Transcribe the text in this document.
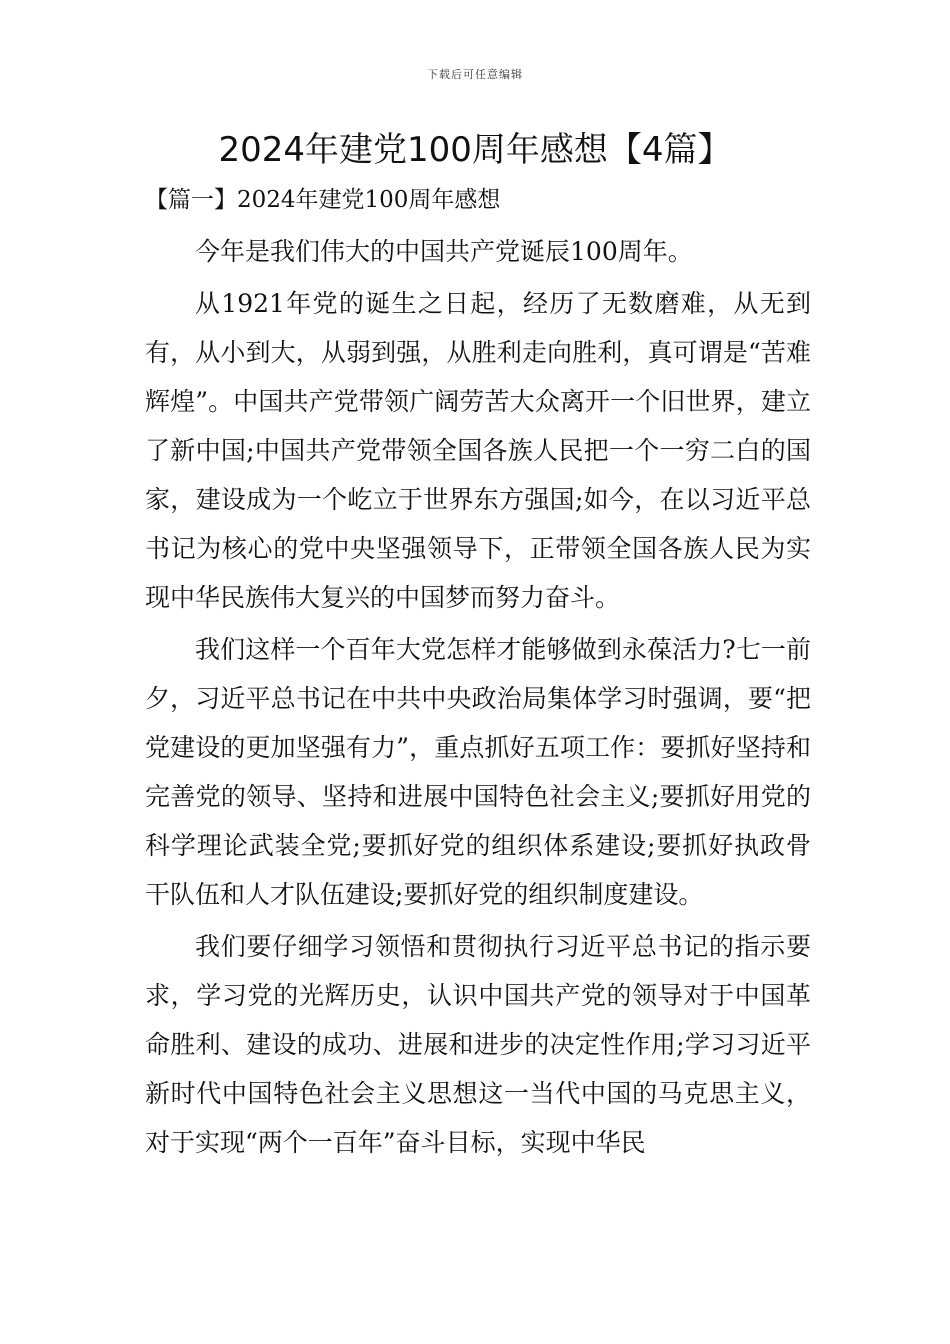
下载后可任意编辑
2024年建党100周年感想【4篇】
【篇一】2024年建党100周年感想

今年是我们伟大的中国共产党诞辰100周年。

从1921年党的诞生之日起，经历了无数磨难，从无到有，从小到大，从弱到强，从胜利走向胜利，真可谓是“苦难辉煌”。中国共产党带领广阔劳苦大众离开一个旧世界，建立了新中国;中国共产党带领全国各族人民把一个一穷二白的国家，建设成为一个屹立于世界东方强国;如今，在以习近平总书记为核心的党中央坚强领导下，正带领全国各族人民为实现中华民族伟大复兴的中国梦而努力奋斗。

我们这样一个百年大党怎样才能够做到永葆活力?七一前夕，习近平总书记在中共中央政治局集体学习时强调，要“把党建设的更加坚强有力”，重点抓好五项工作：要抓好坚持和完善党的领导、坚持和进展中国特色社会主义;要抓好用党的科学理论武装全党;要抓好党的组织体系建设;要抓好执政骨干队伍和人才队伍建设;要抓好党的组织制度建设。

我们要仔细学习领悟和贯彻执行习近平总书记的指示要求，学习党的光辉历史，认识中国共产党的领导对于中国革命胜利、建设的成功、进展和进步的决定性作用;学习习近平新时代中国特色社会主义思想这一当代中国的马克思主义，对于实现“两个一百年”奋斗目标，实现中华民
